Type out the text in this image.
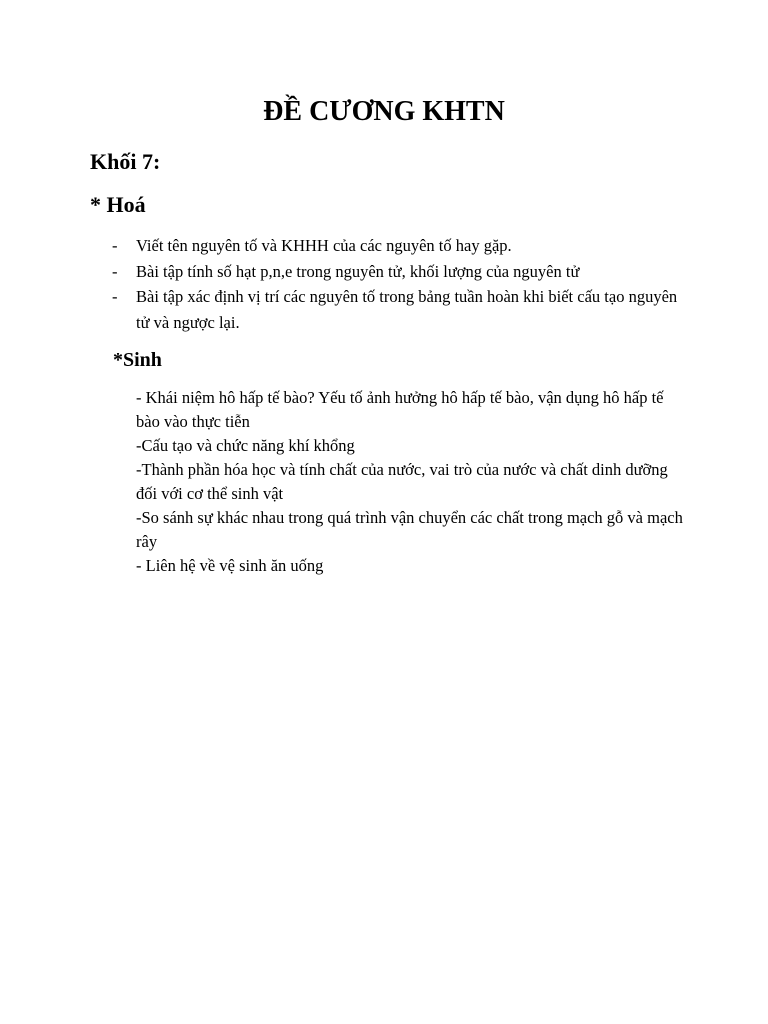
ĐỀ CƯƠNG KHTN
Khối 7:
* Hoá
- Viết tên nguyên tố và KHHH của các nguyên tố hay gặp.
- Bài tập tính số hạt p,n,e trong nguyên tử, khối lượng của nguyên tử
- Bài tập xác định vị trí các nguyên tố trong bảng tuần hoàn khi biết cấu tạo nguyên tử và ngược lại.
*Sinh

- Khái niệm hô hấp tế bào? Yếu tố ảnh hưởng hô hấp tế bào, vận dụng hô hấp tế bào vào thực tiễn

-Cấu tạo và chức năng khí khổng

-Thành phần hóa học và tính chất của nước, vai trò của nước và chất dinh dưỡng đối với cơ thể sinh vật

-So sánh sự khác nhau trong quá trình vận chuyển các chất trong mạch gỗ và mạch rây

- Liên hệ về vệ sinh ăn uống
